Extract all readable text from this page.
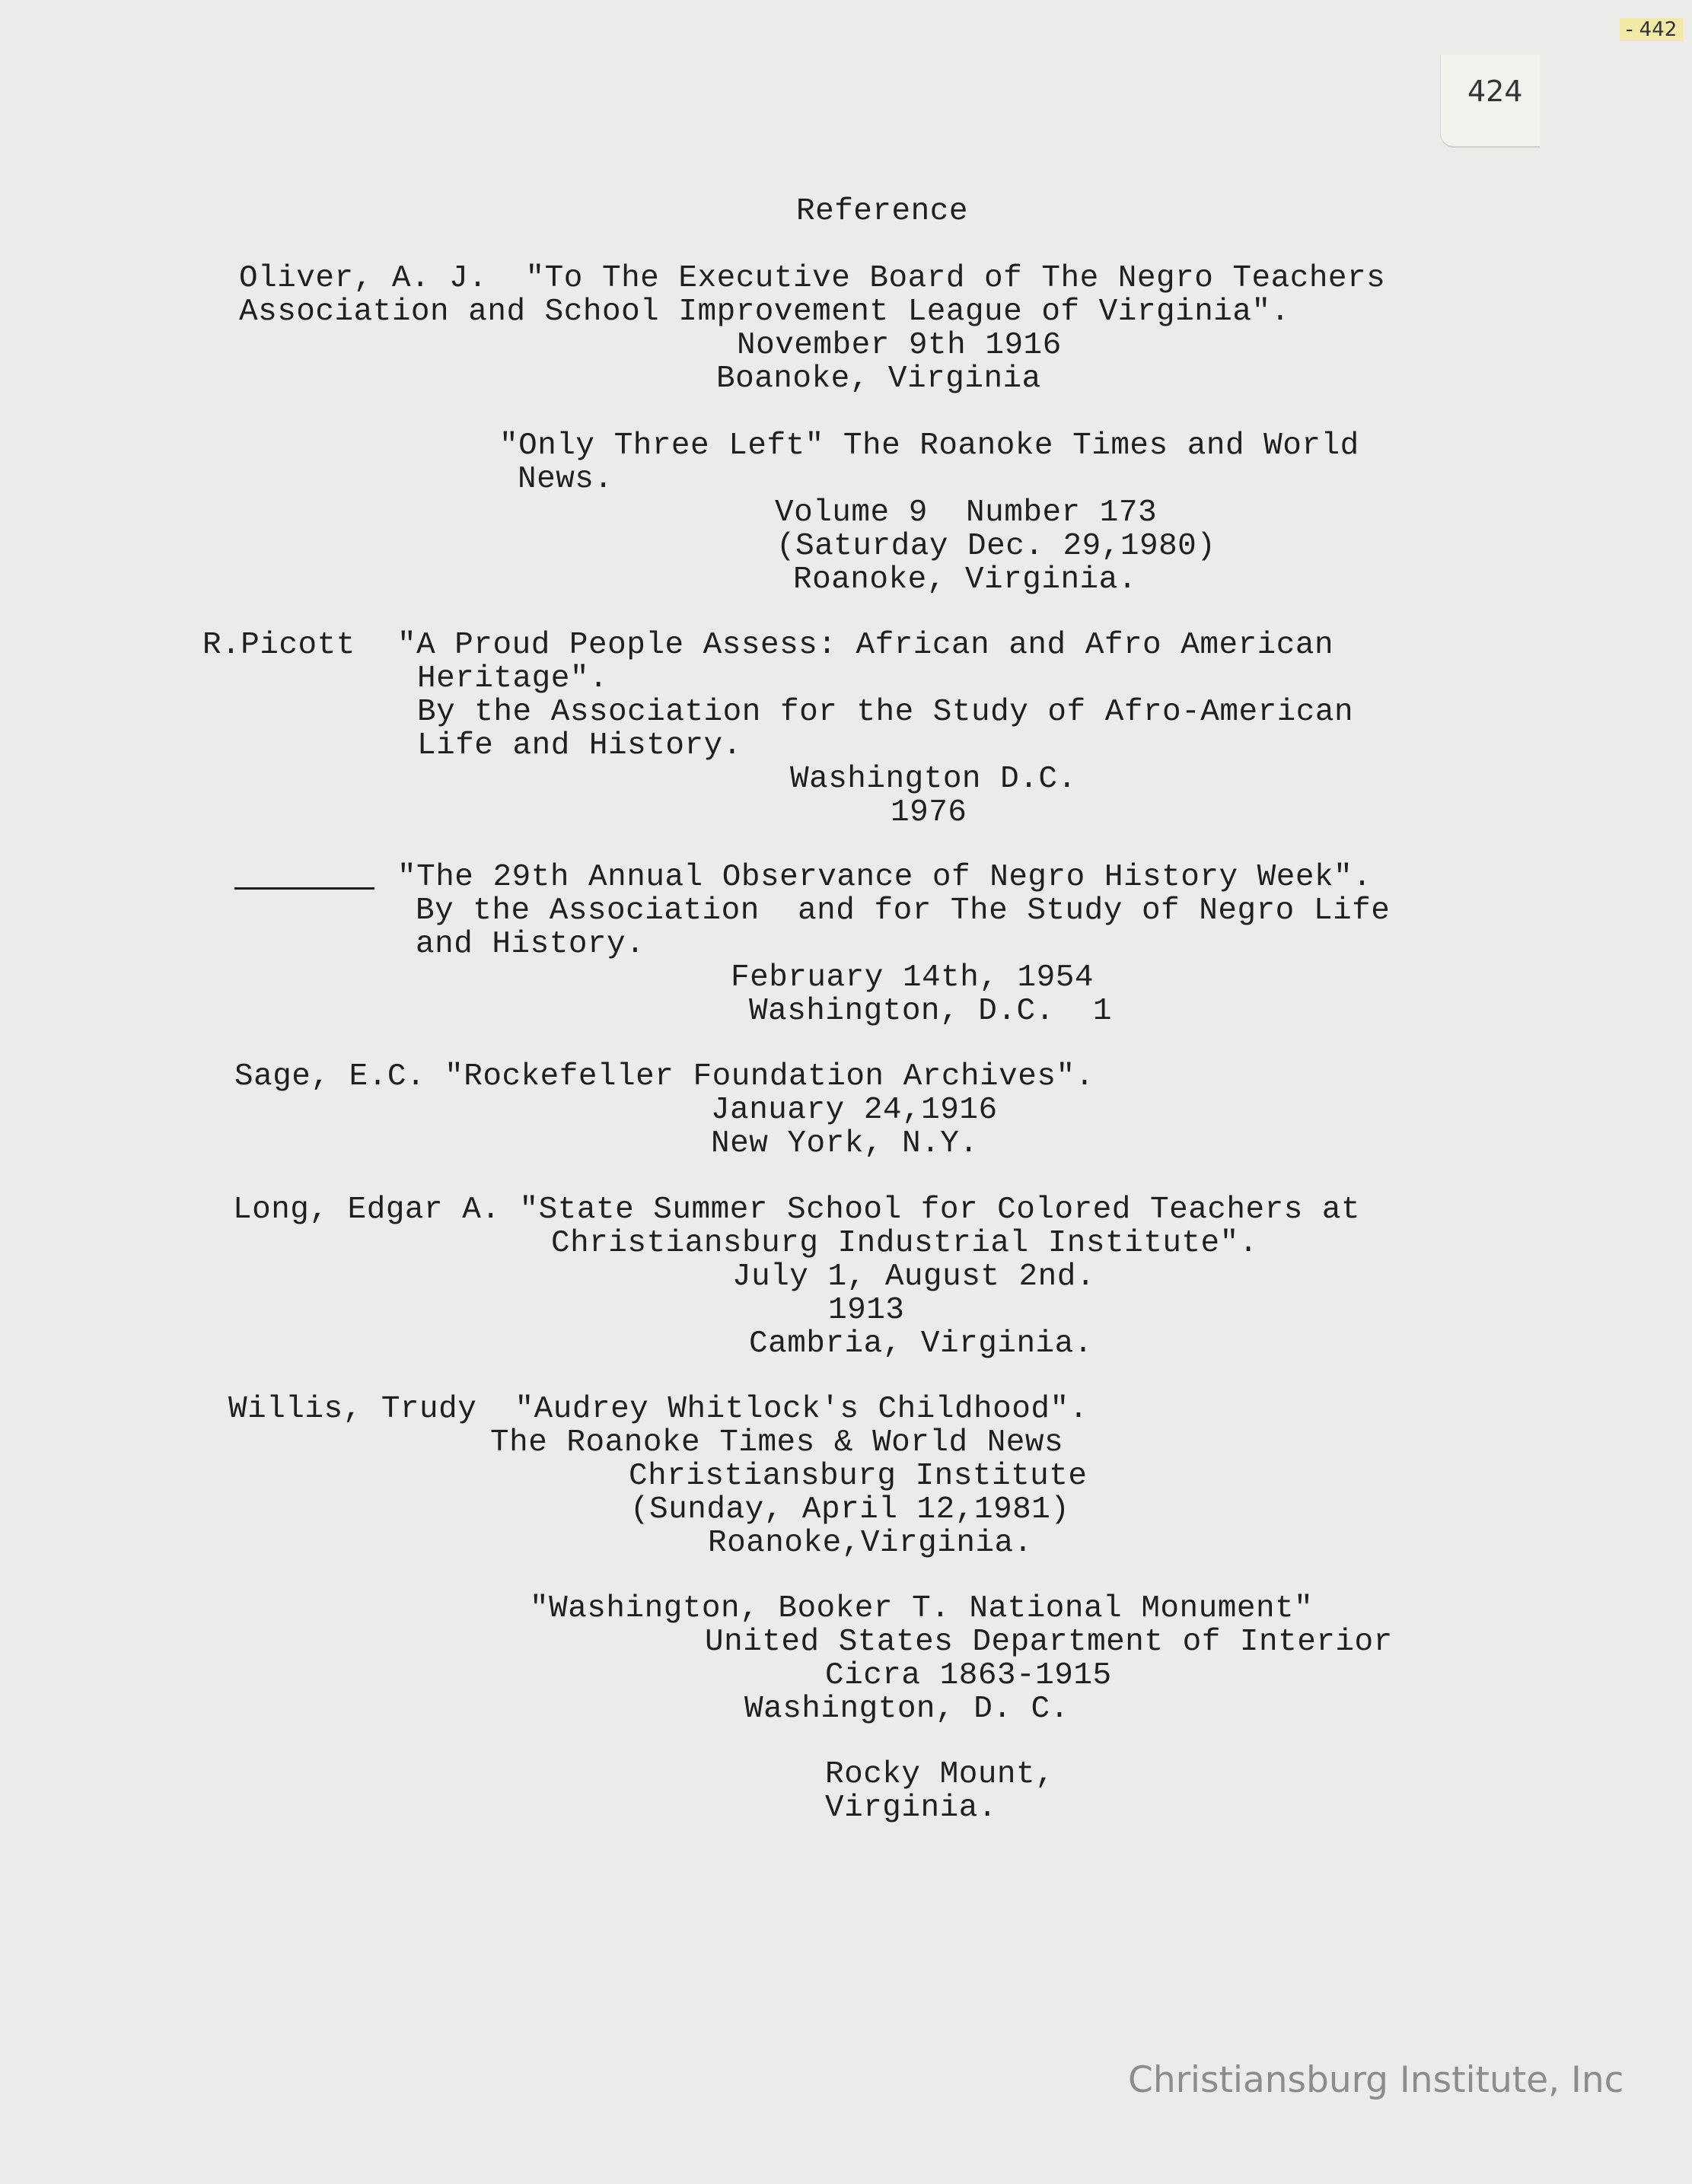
- 442
424
Reference
Oliver, A. J.  "To The Executive Board of The Negro Teachers
Association and School Improvement League of Virginia".
November 9th 1916
Boanoke, Virginia
"Only Three Left" The Roanoke Times and World
News.
Volume 9  Number 173
(Saturday Dec. 29,1980)
Roanoke, Virginia.
R.Picott "A Proud People Assess: African and Afro American
Heritage".
By the Association for the Study of Afro-American
Life and History.
Washington D.C.
1976
"The 29th Annual Observance of Negro History Week".
By the Association  and for The Study of Negro Life
and History.
February 14th, 1954
Washington, D.C.  1
Sage, E.C. "Rockefeller Foundation Archives".
January 24,1916
New York, N.Y.
Long, Edgar A. "State Summer School for Colored Teachers at
Christiansburg Industrial Institute".
July 1, August 2nd.
1913
Cambria, Virginia.
Willis, Trudy  "Audrey Whitlock's Childhood".
The Roanoke Times & World News
Christiansburg Institute
(Sunday, April 12,1981)
Roanoke,Virginia.
"Washington, Booker T. National Monument"
United States Department of Interior
Cicra 1863-1915
Washington, D. C.
Rocky Mount,
Virginia.
Christiansburg Institute, Inc
